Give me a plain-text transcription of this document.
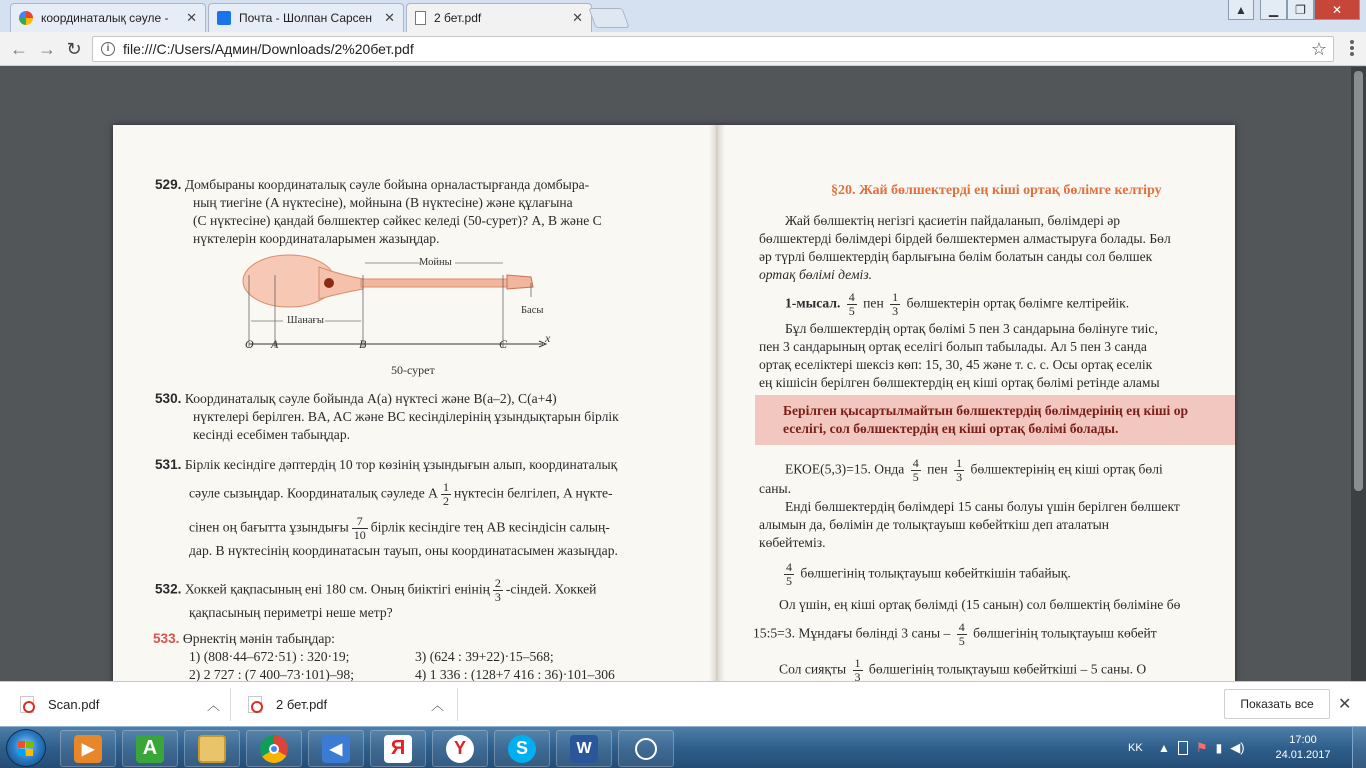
координаталық сәуле -	✕	Почта - Шолпан Сарсен ✕	2 бет.pdf	✕
▲ ▁ ❐ ✕
← → ↻	i file:///C:/Users/Админ/Downloads/2%20бет.pdf	☆
529. Домбыраны координаталық сәуле бойына орналастырғанда домбыра-
ның тиегіне (A нүктесіне), мойнына (B нүктесіне) және құлағына
(C нүктесіне) қандай бөлшектер сәйкес келеді (50-сурет)? A, B және C
нүктелерін координаталарымен жазыңдар.
Мойны
Шанағы
Басы
O A	B	C	x
50-сурет
530. Координаталық сәуле бойында A(a) нүктесі және B(a–2), C(a+4)
нүктелері берілген. BA, AC және BC кесінділерінің ұзындықтарын бірлік
кесінді есебімен табыңдар.
531. Бірлік кесіндіге дәптердің 10 тор көзінің ұзындығын алып, координаталық
сәуле сызыңдар. Координаталық сәуледе A $\frac{1}{2}$ нүктесін белгілеп, A нүкте-
сінен оң бағытта ұзындығы $\frac{7}{10}$ бірлік кесіндіге тең AB кесіндісін салың-
дар. B нүктесінің координатасын тауып, оны координатасымен жазыңдар.
532. Хоккей қақпасының ені 180 см. Оның биіктігі енінің $\frac{2}{3}$ -сіндей. Хоккей
қақпасының периметрі неше метр?
533. Өрнектің мәнін табыңдар:
1) (808·44–672·51) : 320·19;	3) (624 : 39+22)·15–568;
2) 2 727 : (7 400–73·101)–98;	4) 1 336 : (128+7 416 : 36)·101–306
§20. Жай бөлшектерді ең кіші ортақ бөлімге келтіру
Жай бөлшектің негізгі қасиетін пайдаланып, бөлімдері әр
бөлшектерді бөлімдері бірдей бөлшектермен алмастыруға болады. Бөл
әр түрлі бөлшектердің барлығына бөлім болатын санды сол бөлшек
ортақ бөлімі деміз.
1-мысал. $\frac{4}{5}$ пен $\frac{1}{3}$ бөлшектерін ортақ бөлімге келтірейік.
Бұл бөлшектердің ортақ бөлімі 5 пен 3 сандарына бөлінуге тиіс,
пен 3 сандарының ортақ еселігі болып табылады. Ал 5 пен 3 санда
ортақ еселіктері шексіз көп: 15, 30, 45 және т. с. с. Осы ортақ еселік
ең кішісін берілген бөлшектердің ең кіші ортақ бөлімі ретінде аламы
Берілген қысартылмайтын бөлшектердің бөлімдерінің ең кіші ор
еселігі, сол бөлшектердің ең кіші ортақ бөлімі болады.
ЕКОЕ(5,3)=15. Онда $\frac{4}{5}$ пен $\frac{1}{3}$ бөлшектерінің ең кіші ортақ бөлі
саны.
Енді бөлшектердің бөлімдері 15 саны болуы үшін берілген бөлшект
алымын да, бөлімін де толықтауыш көбейткіш деп аталатын
көбейтеміз.
$\frac{4}{5}$ бөлшегінің толықтауыш көбейткішін табайық.
Ол үшін, ең кіші ортақ бөлімді (15 санын) сол бөлшектің бөліміне бө
15:5=3. Мұндағы бөлінді 3 саны – $\frac{4}{5}$ бөлшегінің толықтауыш көбейт
Сол сияқты $\frac{1}{3}$ бөлшегінің толықтауыш көбейткіші – 5 саны. О
Scan.pdf	︿	2 бет.pdf	︿	Показать все	✕
▶	A	◀	Я	Y	S	W	KK ▲ ⚑ ▮ ◀)	17:00
24.01.2017
